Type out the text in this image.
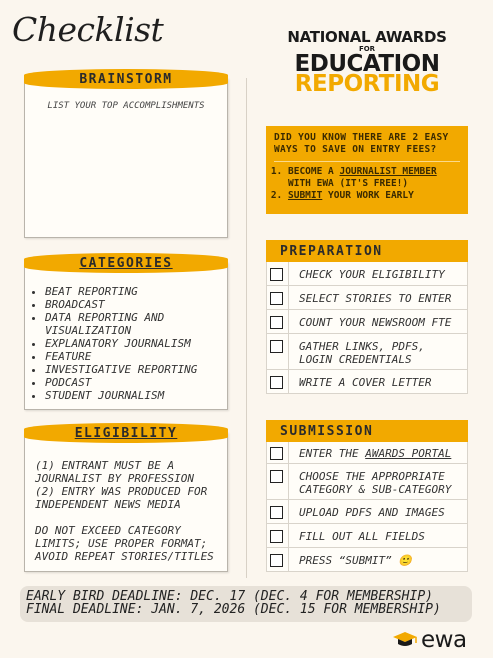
Checklist	NATIONAL AWARDS
FOR
EDUCATION
REPORTING
BRAINSTORM
LIST YOUR TOP ACCOMPLISHMENTS
CATEGORIES
• BEAT REPORTING
• BROADCAST
• DATA REPORTING AND VISUALIZATION
• EXPLANATORY JOURNALISM
• FEATURE
• INVESTIGATIVE REPORTING
• PODCAST
• STUDENT JOURNALISM
ELIGIBILITY

(1) ENTRANT MUST BE A JOURNALIST BY PROFESSION
(2) ENTRY WAS PRODUCED FOR INDEPENDENT NEWS MEDIA

DO NOT EXCEED CATEGORY LIMITS; USE PROPER FORMAT; AVOID REPEAT STORIES/TITLES

DID YOU KNOW THERE ARE 2 EASY WAYS TO SAVE ON ENTRY FEES?
1. BECOME A JOURNALIST MEMBER WITH EWA (IT'S FREE!)
2. SUBMIT YOUR WORK EARLY
PREPARATION
CHECK YOUR ELIGIBILITY
SELECT STORIES TO ENTER
COUNT YOUR NEWSROOM FTE
GATHER LINKS, PDFS, LOGIN CREDENTIALS
WRITE A COVER LETTER
SUBMISSION
ENTER THE AWARDS PORTAL
CHOOSE THE APPROPRIATE CATEGORY & SUB-CATEGORY
UPLOAD PDFS AND IMAGES
FILL OUT ALL FIELDS
PRESS “SUBMIT” 🙂
EARLY BIRD DEADLINE: DEC. 17 (DEC. 4 FOR MEMBERSHIP)
FINAL DEADLINE: JAN. 7, 2026 (DEC. 15 FOR MEMBERSHIP)
ewa
